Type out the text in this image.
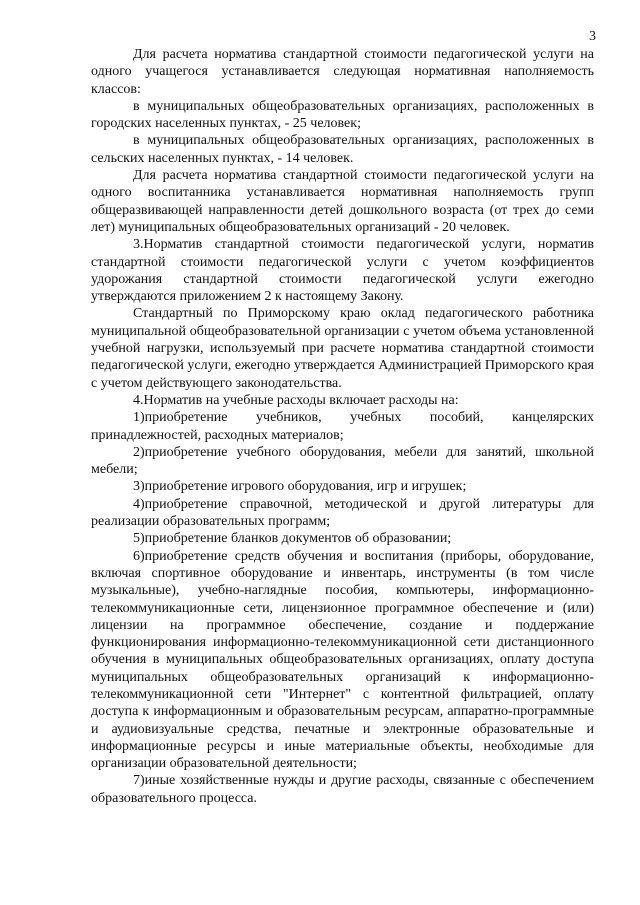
3

Для расчета норматива стандартной стоимости педагогической услуги на одного учащегося устанавливается следующая нормативная наполняемость классов:

в муниципальных общеобразовательных организациях, расположенных в городских населенных пунктах, - 25 человек;

в муниципальных общеобразовательных организациях, расположенных в сельских населенных пунктах, - 14 человек.

Для расчета норматива стандартной стоимости педагогической услуги на одного воспитанника устанавливается нормативная наполняемость групп общеразвивающей направленности детей дошкольного возраста (от трех до семи лет) муниципальных общеобразовательных организаций - 20 человек.

3.Норматив стандартной стоимости педагогической услуги, норматив стандартной стоимости педагогической услуги с учетом коэффициентов удорожания стандартной стоимости педагогической услуги ежегодно утверждаются приложением 2 к настоящему Закону.

Стандартный по Приморскому краю оклад педагогического работника муниципальной общеобразовательной организации с учетом объема установленной учебной нагрузки, используемый при расчете норматива стандартной стоимости педагогической услуги, ежегодно утверждается Администрацией Приморского края с учетом действующего законодательства.

4.Норматив на учебные расходы включает расходы на:

1)приобретение учебников, учебных пособий, канцелярских принадлежностей, расходных материалов;

2)приобретение учебного оборудования, мебели для занятий, школьной мебели;

3)приобретение игрового оборудования, игр и игрушек;

4)приобретение справочной, методической и другой литературы для реализации образовательных программ;

5)приобретение бланков документов об образовании;

6)приобретение средств обучения и воспитания (приборы, оборудование, включая спортивное оборудование и инвентарь, инструменты (в том числе музыкальные), учебно-наглядные пособия, компьютеры, информационно-телекоммуникационные сети, лицензионное программное обеспечение и (или) лицензии на программное обеспечение, создание и поддержание функционирования информационно-телекоммуникационной сети дистанционного обучения в муниципальных общеобразовательных организациях, оплату доступа муниципальных общеобразовательных организаций к информационно-телекоммуникационной сети "Интернет" с контентной фильтрацией, оплату доступа к информационным и образовательным ресурсам, аппаратно-программные и аудиовизуальные средства, печатные и электронные образовательные и информационные ресурсы и иные материальные объекты, необходимые для организации образовательной деятельности;

7)иные хозяйственные нужды и другие расходы, связанные с обеспечением образовательного процесса.
